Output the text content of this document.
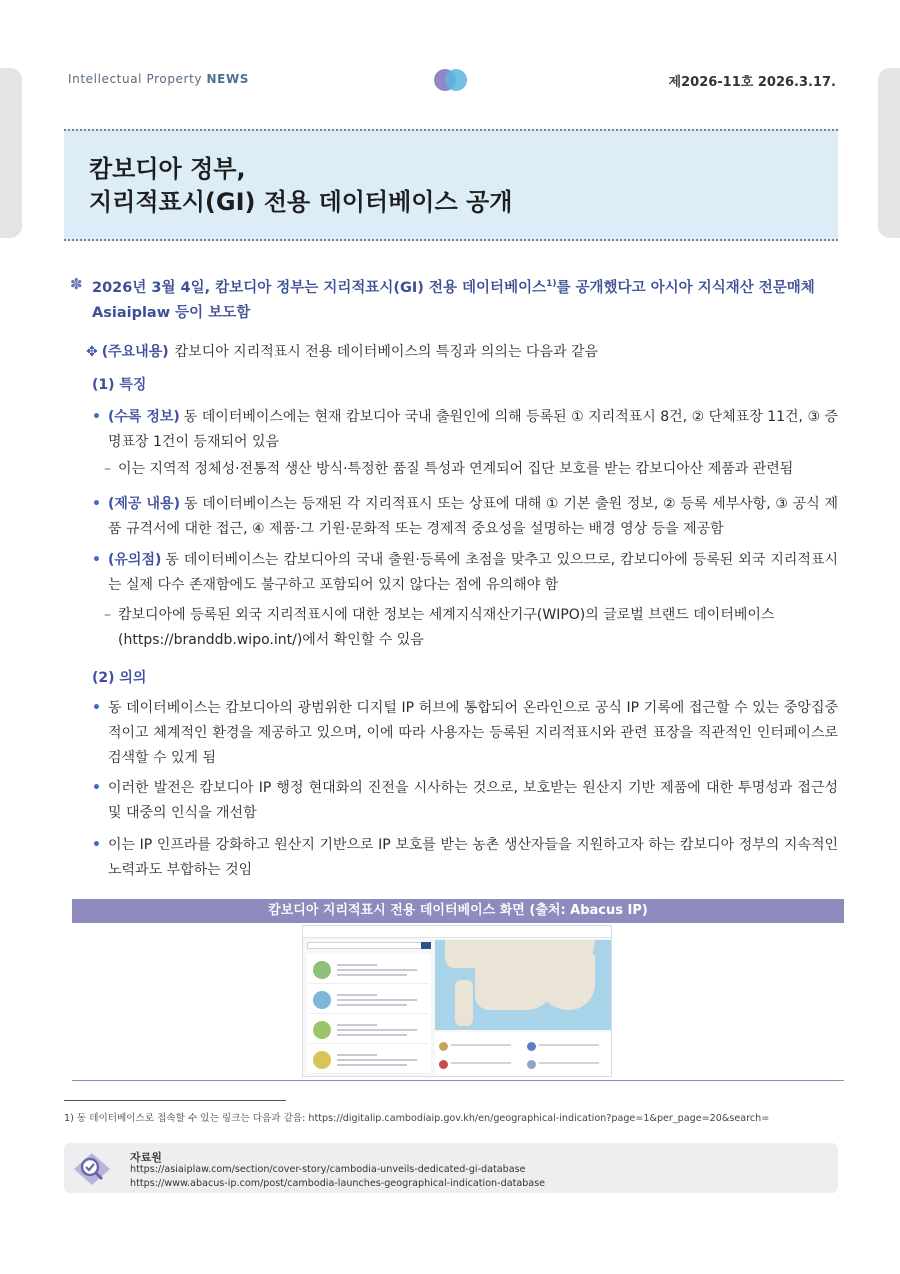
Intellectual Property NEWS	제2026-11호 2026.3.17.
캄보디아 정부,
지리적표시(GI) 전용 데이터베이스 공개
✽ 2026년 3월 4일, 캄보디아 정부는 지리적표시(GI) 전용 데이터베이스$^{1)}$를 공개했다고 아시아 지식재산 전문매체 Asiaiplaw 등이 보도함
✥ (주요내용) 캄보디아 지리적표시 전용 데이터베이스의 특징과 의의는 다음과 같음
(1) 특징
• (수록 정보) 동 데이터베이스에는 현재 캄보디아 국내 출원인에 의해 등록된 ① 지리적표시 8건, ② 단체표장 11건, ③ 증명표장 1건이 등재되어 있음
– 이는 지역적 정체성·전통적 생산 방식·특정한 품질 특성과 연계되어 집단 보호를 받는 캄보디아산 제품과 관련됨
• (제공 내용) 동 데이터베이스는 등재된 각 지리적표시 또는 상표에 대해 ① 기본 출원 정보, ② 등록 세부사항, ③ 공식 제품 규격서에 대한 접근, ④ 제품·그 기원·문화적 또는 경제적 중요성을 설명하는 배경 영상 등을 제공함
• (유의점) 동 데이터베이스는 캄보디아의 국내 출원·등록에 초점을 맞추고 있으므로, 캄보디아에 등록된 외국 지리적표시는 실제 다수 존재함에도 불구하고 포함되어 있지 않다는 점에 유의해야 함
– 캄보디아에 등록된 외국 지리적표시에 대한 정보는 세계지식재산기구(WIPO)의 글로벌 브랜드 데이터베이스(https://branddb.wipo.int/)에서 확인할 수 있음
(2) 의의
• 동 데이터베이스는 캄보디아의 광범위한 디지털 IP 허브에 통합되어 온라인으로 공식 IP 기록에 접근할 수 있는 중앙집중적이고 체계적인 환경을 제공하고 있으며, 이에 따라 사용자는 등록된 지리적표시와 관련 표장을 직관적인 인터페이스로 검색할 수 있게 됨
• 이러한 발전은 캄보디아 IP 행정 현대화의 진전을 시사하는 것으로, 보호받는 원산지 기반 제품에 대한 투명성과 접근성 및 대중의 인식을 개선함
• 이는 IP 인프라를 강화하고 원산지 기반으로 IP 보호를 받는 농촌 생산자들을 지원하고자 하는 캄보디아 정부의 지속적인 노력과도 부합하는 것임
캄보디아 지리적표시 전용 데이터베이스 화면 (출처: Abacus IP)
1) 동 데이터베이스로 접속할 수 있는 링크는 다음과 같음: https://digitalip.cambodiaip.gov.kh/en/geographical-indication?page=1&per_page=20&search=
자료원
https://asiaiplaw.com/section/cover-story/cambodia-unveils-dedicated-gi-database
https://www.abacus-ip.com/post/cambodia-launches-geographical-indication-database
